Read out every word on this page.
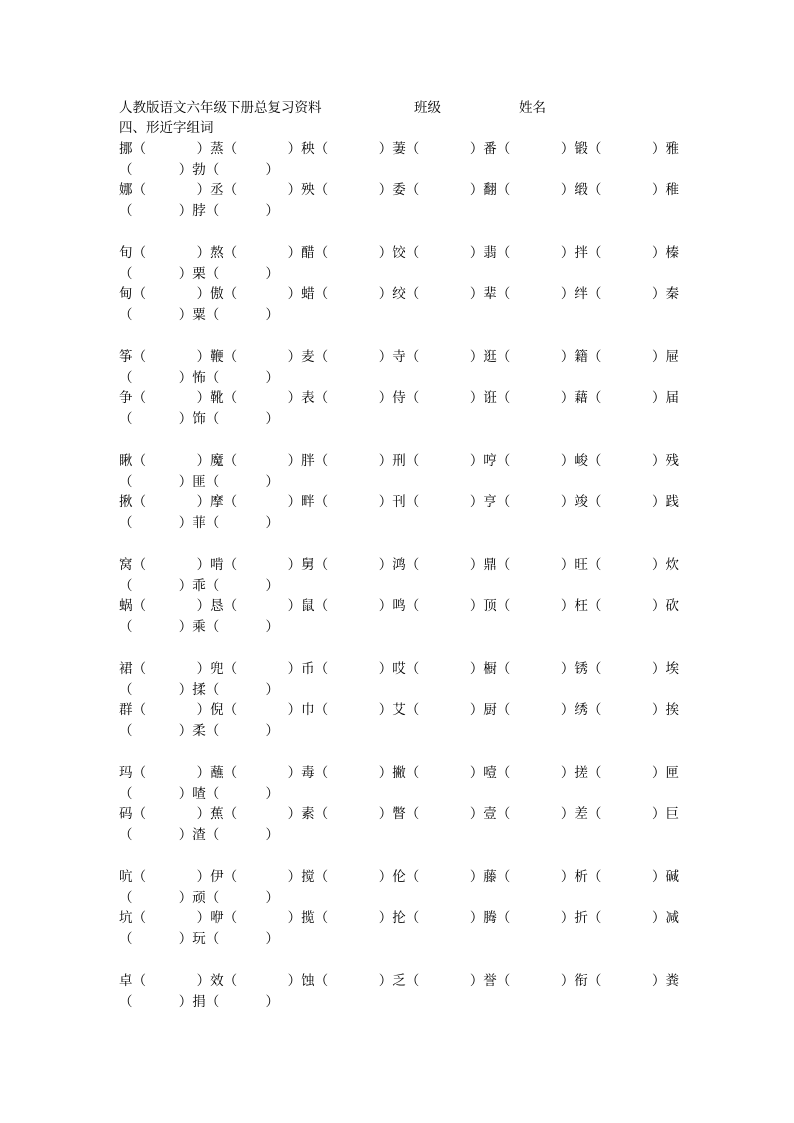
人教版语文六年级下册总复习资料	班级	姓名
四、形近字组词
挪（	）蒸（	）秧（	）萋（	）番（	）锻（	）雅
（	）勃（	）
娜（	）丞（	）殃（	）委（	）翻（	）缎（	）稚
（	）脖（	）
旬（	）熬（	）醋（	）饺（	）翡（	）拌（	）榛
（	）栗（	）
甸（	）傲（	）蜡（	）绞（	）辈（	）绊（	）秦
（	）粟（	）
筝（	）鞭（	）麦（	）寺（	）逛（	）籍（	）屉
（	）怖（	）
争（	）靴（	）表（	）侍（	）诳（	）藉（	）届
（	）饰（	）
瞅（	）魔（	）胖（	）刑（	）哼（	）峻（	）残
（	）匪（	）
揪（	）摩（	）畔（	）刊（	）亨（	）竣（	）践
（	）菲（	）
窝（	）啃（	）舅（	）鸿（	）鼎（	）旺（	）炊
（	）乖（	）
蜗（	）恳（	）鼠（	）鸣（	）顶（	）枉（	）砍
（	）乘（	）
裙（	）兜（	）币（	）哎（	）橱（	）锈（	）埃
（	）揉（	）
群（	）倪（	）巾（	）艾（	）厨（	）绣（	）挨
（	）柔（	）
玛（	）蘸（	）毒（	）撇（	）噎（	）搓（	）匣
（	）喳（	）
码（	）蕉（	）素（	）瞥（	）壹（	）差（	）巨
（	）渣（	）
吭（	）伊（	）搅（	）伦（	）藤（	）析（	）碱
（	）顽（	）
坑（	）咿（	）揽（	）抡（	）腾（	）折（	）减
（	）玩（	）
卓（	）效（	）蚀（	）乏（	）誉（	）衔（	）粪
（	）捐（	）
